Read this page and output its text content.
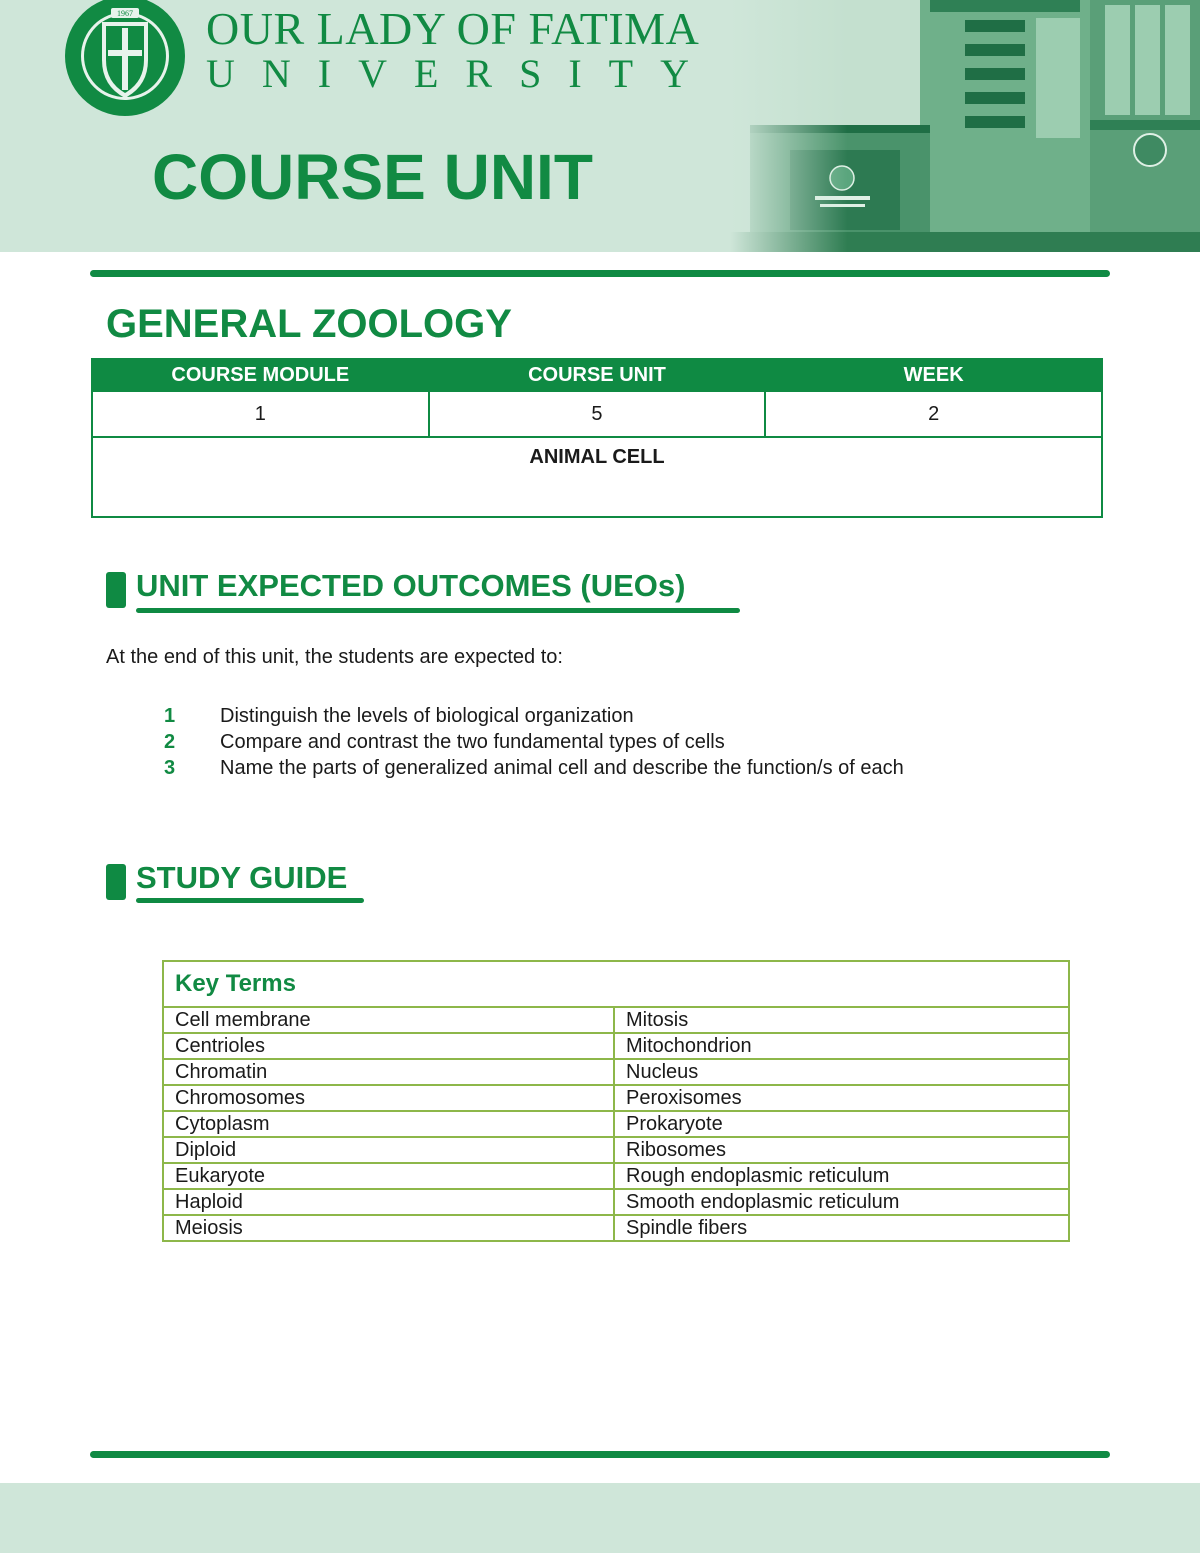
1967 OUR LADY OF FATIMA
UNIVERSITY
COURSE UNIT
GENERAL ZOOLOGY
COURSE MODULE	COURSE UNIT	WEEK
1	5	2
ANIMAL CELL		
UNIT EXPECTED OUTCOMES (UEOs)
At the end of this unit, the students are expected to:
1 Distinguish the levels of biological organization
2 Compare and contrast the two fundamental types of cells
3 Name the parts of generalized animal cell and describe the function/s of each
STUDY GUIDE
Key Terms	
Cell membrane	Mitosis
Centrioles	Mitochondrion
Chromatin	Nucleus
Chromosomes	Peroxisomes
Cytoplasm	Prokaryote
Diploid	Ribosomes
Eukaryote	Rough endoplasmic reticulum
Haploid	Smooth endoplasmic reticulum
Meiosis	Spindle fibers
